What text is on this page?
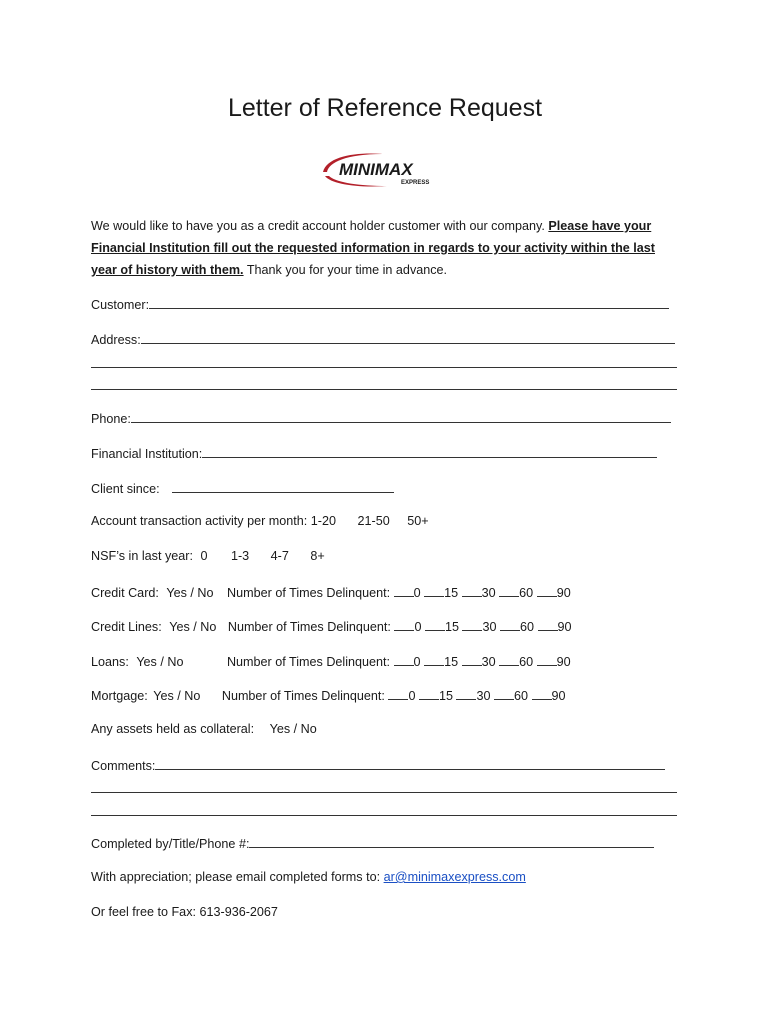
Letter of Reference Request
MINIMAX
EXPRESS
We would like to have you as a credit account holder customer with our company. Please have your Financial Institution fill out the requested information in regards to your activity within the last year of history with them. Thank you for your time in advance.
Customer:
Address:
Phone:
Financial Institution:
Client since:
Account transaction activity per month: 1-20 21-50 50+
NSF’s in last year: 0 1-3 4-7 8+
Credit Card: Yes / No Number of Times Delinquent: 0 15 30 60 90
Credit Lines: Yes / No Number of Times Delinquent: 0 15 30 60 90
Loans: Yes / No	Number of Times Delinquent: 0 15 30 60 90
Mortgage: Yes / No Number of Times Delinquent: 0 15 30 60 90
Any assets held as collateral: Yes / No
Comments:
Completed by/Title/Phone #:
With appreciation; please email completed forms to: ar@minimaxexpress.com
Or feel free to Fax: 613-936-2067
